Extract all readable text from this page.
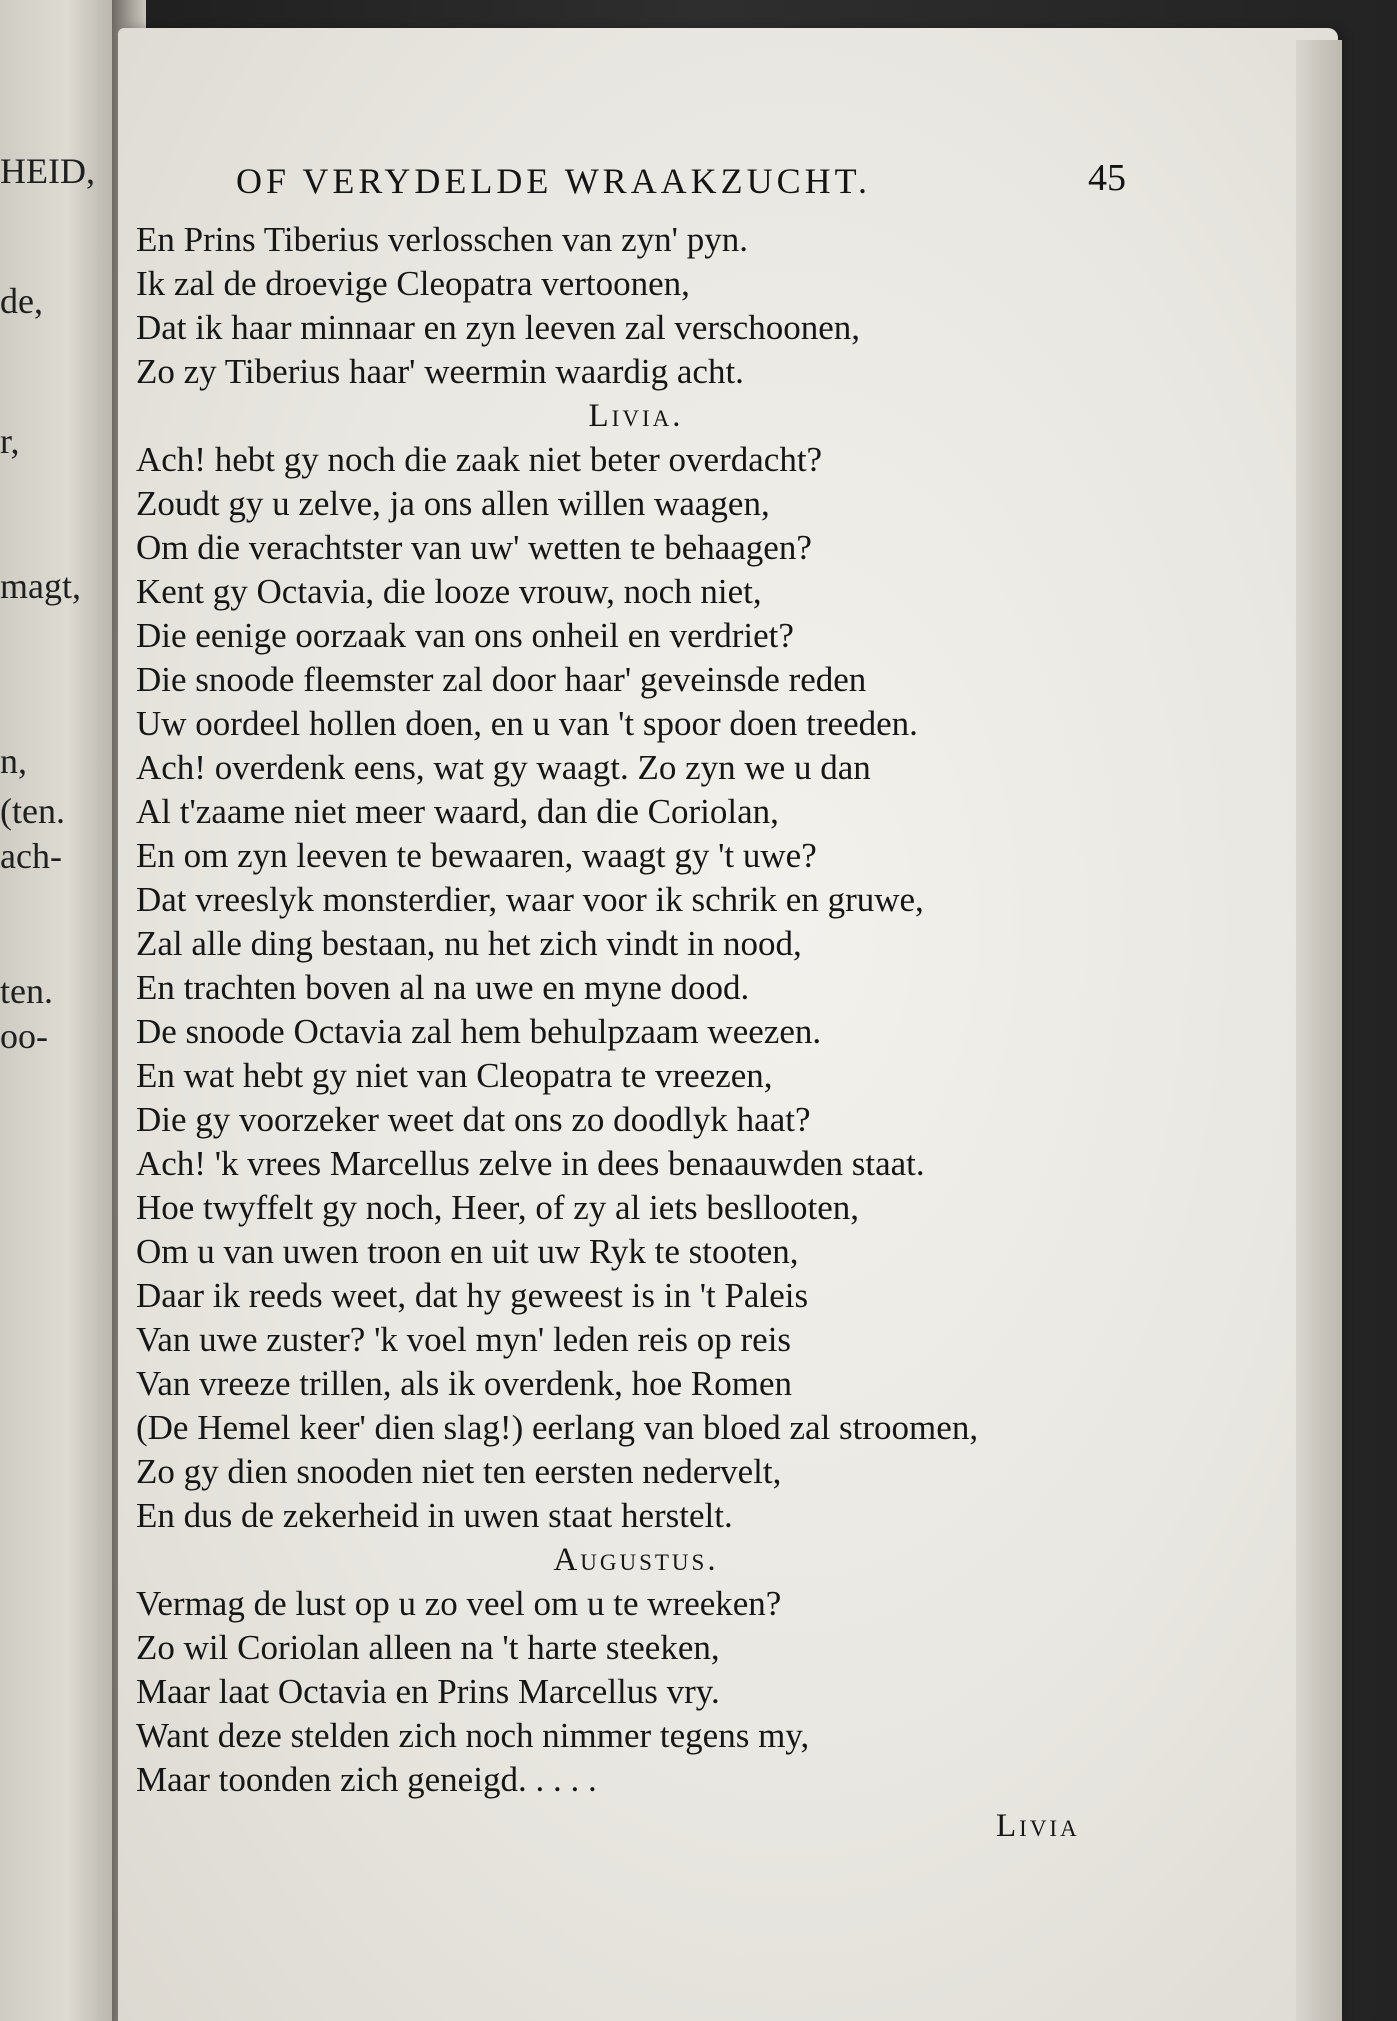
HEID,
de,
r,
magt,
n,
(ten.
ach-
ten.
oo-
OF VERYDELDE WRAAKZUCHT.	45
En Prins Tiberius verlosschen van zyn' pyn.
Ik zal de droevige Cleopatra vertoonen,
Dat ik haar minnaar en zyn leeven zal verschoonen,
Zo zy Tiberius haar' weermin waardig acht.
Livia.
Ach! hebt gy noch die zaak niet beter overdacht?
Zoudt gy u zelve, ja ons allen willen waagen,
Om die verachtster van uw' wetten te behaagen?
Kent gy Octavia, die looze vrouw, noch niet,
Die eenige oorzaak van ons onheil en verdriet?
Die snoode fleemster zal door haar' geveinsde reden
Uw oordeel hollen doen, en u van 't spoor doen treeden.
Ach! overdenk eens, wat gy waagt. Zo zyn we u dan
Al t'zaame niet meer waard, dan die Coriolan,
En om zyn leeven te bewaaren, waagt gy 't uwe?
Dat vreeslyk monsterdier, waar voor ik schrik en gruwe,
Zal alle ding bestaan, nu het zich vindt in nood,
En trachten boven al na uwe en myne dood.
De snoode Octavia zal hem behulpzaam weezen.
En wat hebt gy niet van Cleopatra te vreezen,
Die gy voorzeker weet dat ons zo doodlyk haat?
Ach! 'k vrees Marcellus zelve in dees benaauwden staat.
Hoe twyffelt gy noch, Heer, of zy al iets besllooten,
Om u van uwen troon en uit uw Ryk te stooten,
Daar ik reeds weet, dat hy geweest is in 't Paleis
Van uwe zuster? 'k voel myn' leden reis op reis
Van vreeze trillen, als ik overdenk, hoe Romen
(De Hemel keer' dien slag!) eerlang van bloed zal stroomen,
Zo gy dien snooden niet ten eersten nedervelt,
En dus de zekerheid in uwen staat herstelt.
Augustus.
Vermag de lust op u zo veel om u te wreeken?
Zo wil Coriolan alleen na 't harte steeken,
Maar laat Octavia en Prins Marcellus vry.
Want deze stelden zich noch nimmer tegens my,
Maar toonden zich geneigd. . . . .
Livia
